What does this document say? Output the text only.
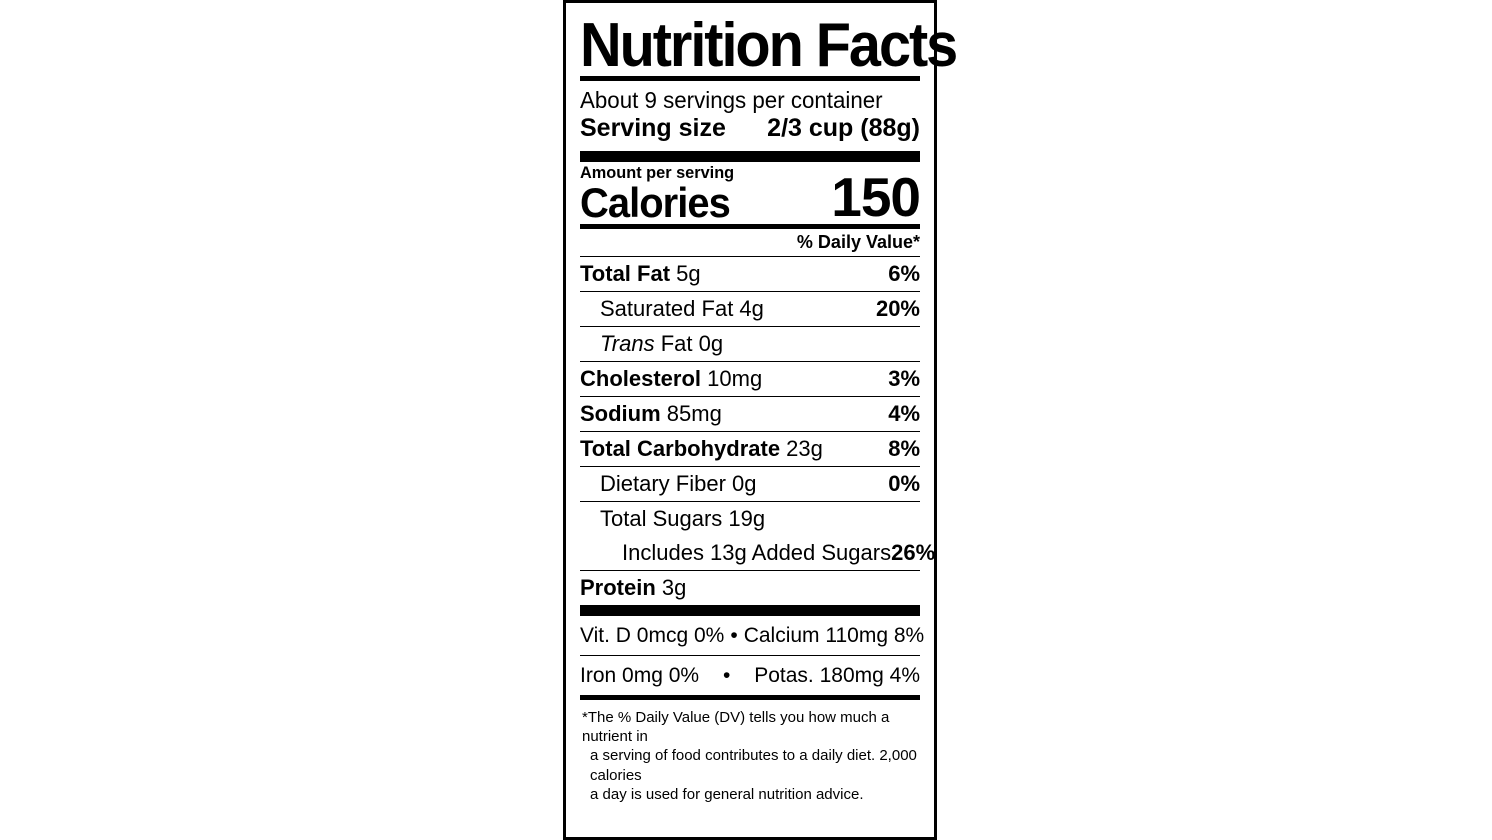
Nutrition Facts
About 9 servings per container
Serving size 2/3 cup (88g)
Amount per serving
Calories 150
% Daily Value*
Total Fat 5g	6%
Saturated Fat 4g	20%
Trans Fat 0g
Cholesterol 10mg	3%
Sodium 85mg	4%
Total Carbohydrate 23g	8%
Dietary Fiber 0g	0%
Total Sugars 19g
Includes 13g Added Sugars 26%
Protein 3g
Vit. D 0mcg 0% • Calcium 110mg 8%
Iron 0mg 0% • Potas. 180mg 4%
*The % Daily Value (DV) tells you how much a nutrient in
a serving of food contributes to a daily diet. 2,000 calories
a day is used for general nutrition advice.
